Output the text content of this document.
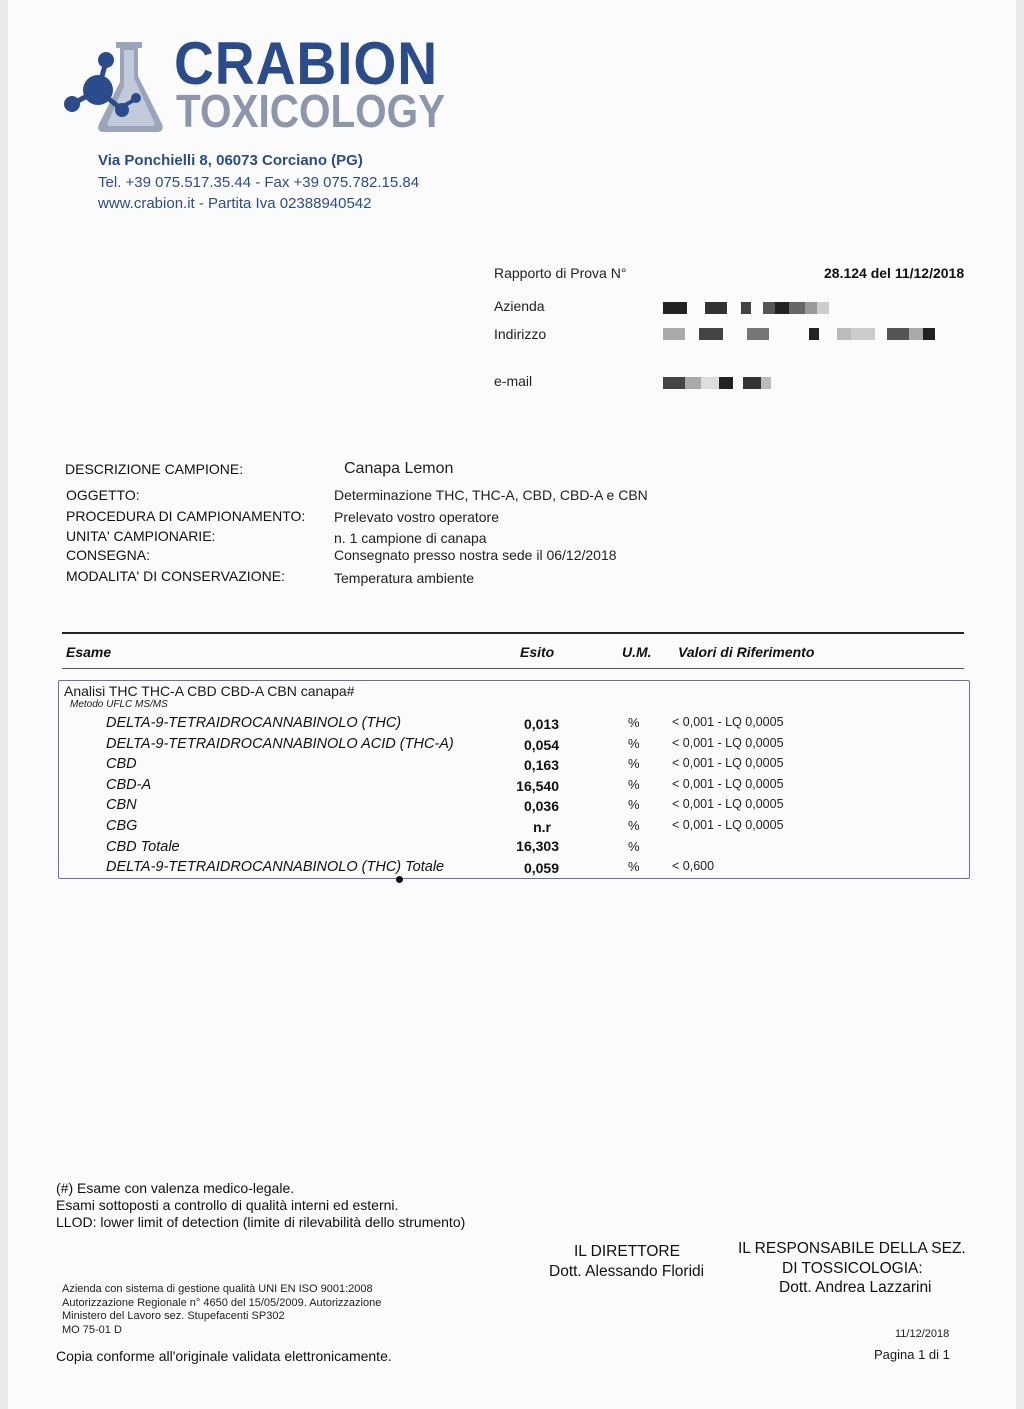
CRABION
TOXICOLOGY
Via Ponchielli 8, 06073 Corciano (PG)
Tel. +39 075.517.35.44 - Fax +39 075.782.15.84
www.crabion.it - Partita Iva 02388940542
Rapporto di Prova N°	28.124 del 11/12/2018
Azienda
Indirizzo
e-mail
DESCRIZIONE CAMPIONE:	Canapa Lemon
OGGETTO:	Determinazione THC, THC-A, CBD, CBD-A e CBN
PROCEDURA DI CAMPIONAMENTO: Prelevato vostro operatore
UNITA' CAMPIONARIE:	n. 1 campione di canapa
CONSEGNA:	Consegnato presso nostra sede il 06/12/2018
MODALITA' DI CONSERVAZIONE:	Temperatura ambiente
Esame	Esito	U.M. Valori di Riferimento
Analisi THC THC-A CBD CBD-A CBN canapa#
Metodo UFLC MS/MS
DELTA-9-TETRAIDROCANNABINOLO (THC)	0,013	%	< 0,001 - LQ 0,0005
DELTA-9-TETRAIDROCANNABINOLO ACID (THC-A)	0,054	%	< 0,001 - LQ 0,0005
CBD	0,163	%	< 0,001 - LQ 0,0005
CBD-A	16,540	%	< 0,001 - LQ 0,0005
CBN	0,036	%	< 0,001 - LQ 0,0005
CBG	n.r	%	< 0,001 - LQ 0,0005
CBD Totale	16,303	%
DELTA-9-TETRAIDROCANNABINOLO (THC) Totale	0,059	%	< 0,600
(#) Esame con valenza medico-legale.
Esami sottoposti a controllo di qualità interni ed esterni.
LLOD: lower limit of detection (limite di rilevabilità dello strumento)
IL DIRETTORE
Dott. Alessando Floridi
IL RESPONSABILE DELLA SEZ.
DI TOSSICOLOGIA:
Dott. Andrea Lazzarini
Azienda con sistema di gestione qualità UNI EN ISO 9001:2008
Autorizzazione Regionale n° 4650 del 15/05/2009. Autorizzazione
Ministero del Lavoro sez. Stupefacenti SP302
MO 75-01 D
Copia conforme all'originale validata elettronicamente.
11/12/2018
Pagina 1 di 1
